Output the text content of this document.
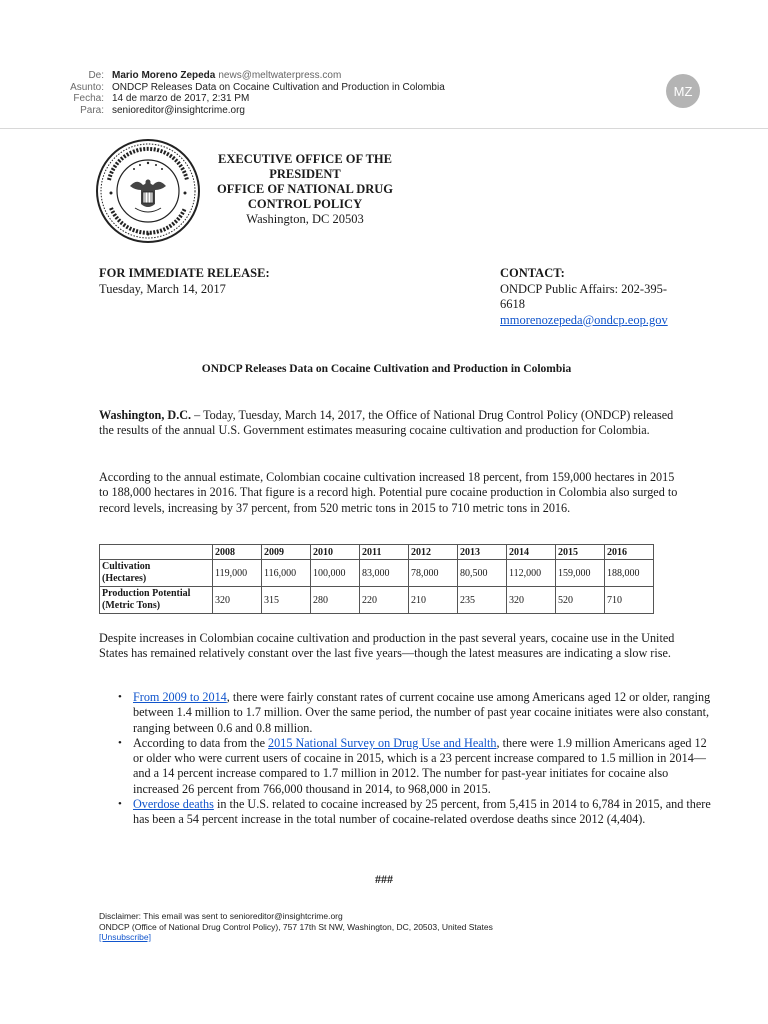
De: Mario Moreno Zepeda news@meltwaterpress.com
Asunto: ONDCP Releases Data on Cocaine Cultivation and Production in Colombia
Fecha: 14 de marzo de 2017, 2:31 PM
Para: senioreditor@insightcrime.org
MZ
EXECUTIVE OFFICE OF THE
PRESIDENT
OFFICE OF NATIONAL DRUG
CONTROL POLICY
Washington, DC 20503
FOR IMMEDIATE RELEASE:
Tuesday, March 14, 2017
CONTACT:
ONDCP Public Affairs: 202-395-
6618
mmorenozepeda@ondcp.eop.gov
ONDCP Releases Data on Cocaine Cultivation and Production in Colombia
Washington, D.C. – Today, Tuesday, March 14, 2017, the Office of National Drug Control Policy (ONDCP) released the results of the annual U.S. Government estimates measuring cocaine cultivation and production for Colombia.
According to the annual estimate, Colombian cocaine cultivation increased 18 percent, from 159,000 hectares in 2015 to 188,000 hectares in 2016. That figure is a record high. Potential pure cocaine production in Colombia also surged to record levels, increasing by 37 percent, from 520 metric tons in 2015 to 710 metric tons in 2016.
	2008	2009	2010	2011	2012	2013	2014	2015	2016

Cultivation
(Hectares)	119,000	116,000	100,000	83,000	78,000	80,500	112,000	159,000	188,000

Production Potential
(Metric Tons)	320	315	280	220	210	235	320	520	710
Despite increases in Colombian cocaine cultivation and production in the past several years, cocaine use in the United States has remained relatively constant over the last five years—though the latest measures are indicating a slow rise.
• From 2009 to 2014, there were fairly constant rates of current cocaine use among Americans aged 12 or older, ranging between 1.4 million to 1.7 million. Over the same period, the number of past year cocaine initiates were also constant, ranging between 0.6 and 0.8 million.
• According to data from the 2015 National Survey on Drug Use and Health, there were 1.9 million Americans aged 12 or older who were current users of cocaine in 2015, which is a 23 percent increase compared to 1.5 million in 2014—and a 14 percent increase compared to 1.7 million in 2012. The number for past-year initiates for cocaine also increased 26 percent from 766,000 thousand in 2014, to 968,000 in 2015.
• Overdose deaths in the U.S. related to cocaine increased by 25 percent, from 5,415 in 2014 to 6,784 in 2015, and there has been a 54 percent increase in the total number of cocaine-related overdose deaths since 2012 (4,404).
###
Disclaimer: This email was sent to senioreditor@insightcrime.org
ONDCP (Office of National Drug Control Policy), 757 17th St NW, Washington, DC, 20503, United States
[Unsubscribe]
